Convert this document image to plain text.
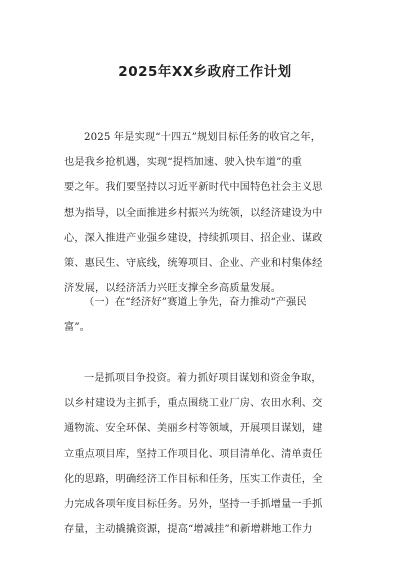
2025年XX乡政府工作计划
2025 年是实现“十四五”规划目标任务的收官之年，
也是我乡抢机遇，实现“提档加速、驶入快车道”的重
要之年。我们要坚持以习近平新时代中国特色社会主义思
想为指导，以全面推进乡村振兴为统领，以经济建设为中
心，深入推进产业强乡建设，持续抓项目、招企业、谋政
策、惠民生、守底线，统筹项目、企业、产业和村集体经
济发展，以经济活力兴旺支撑全乡高质量发展。
（一）在“经济好”赛道上争先，奋力推动“产强民
富”。
一是抓项目争投资。着力抓好项目谋划和资金争取，
以乡村建设为主抓手，重点围绕工业厂房、农田水利、交
通物流、安全环保、美丽乡村等领域，开展项目谋划，建
立重点项目库，坚持工作项目化、项目清单化、清单责任
化的思路，明确经济工作目标和任务，压实工作责任，全
力完成各项年度目标任务。另外，坚持一手抓增量一手抓
存量，主动撬撬资源，提高“增减挂”和新增耕地工作力
